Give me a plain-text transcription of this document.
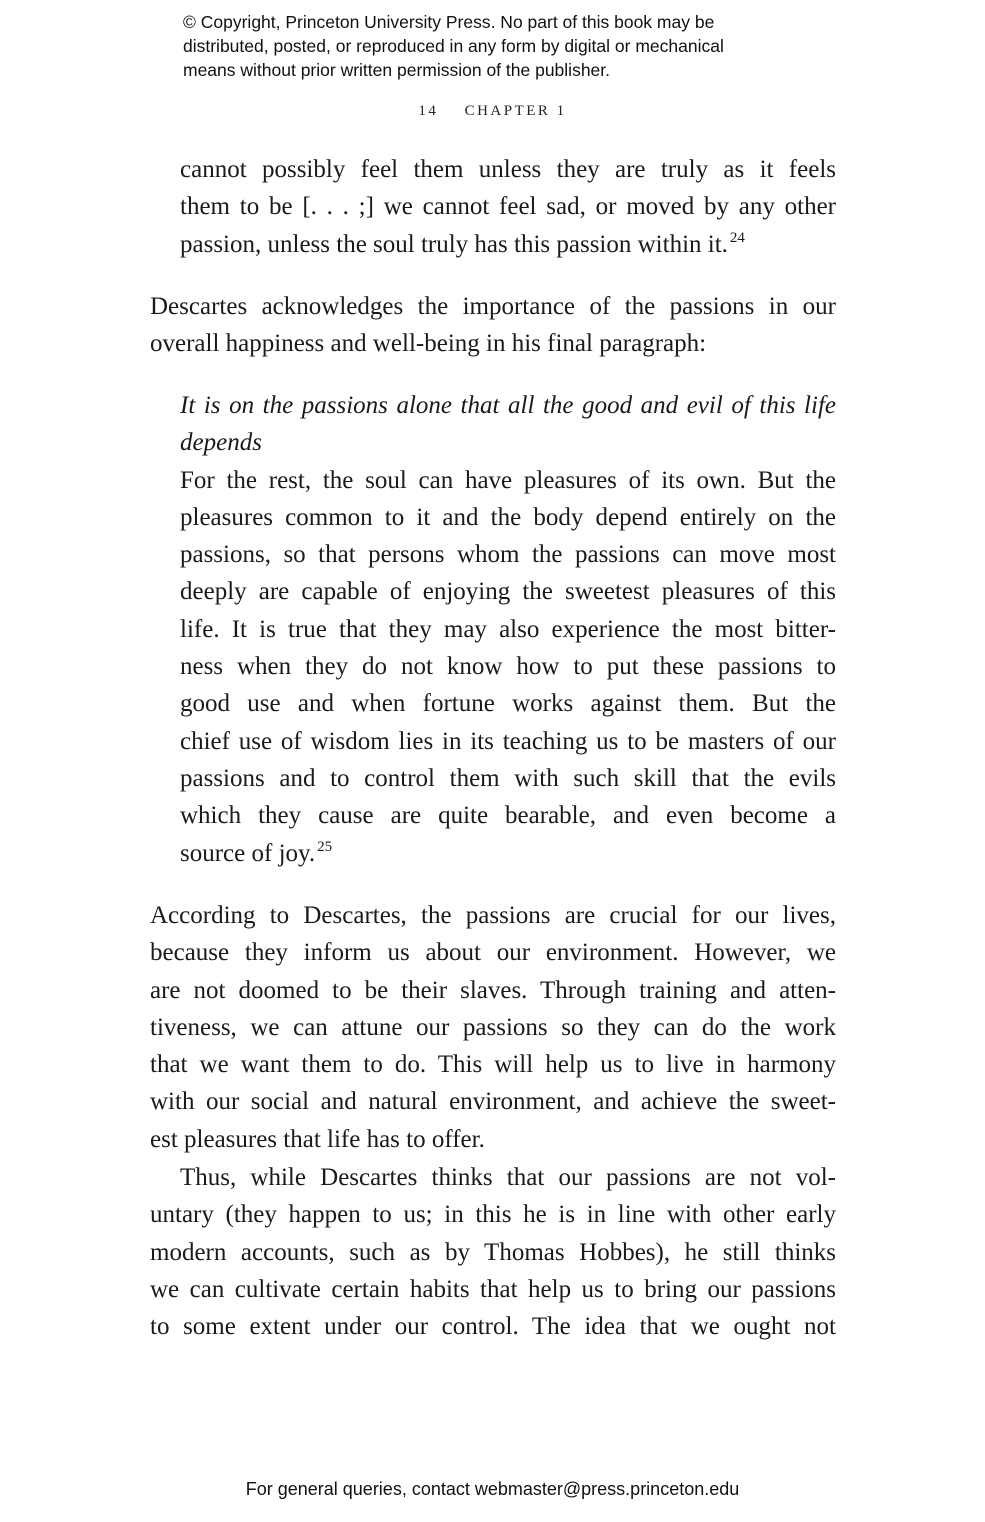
© Copyright, Princeton University Press. No part of this book may be
distributed, posted, or reproduced in any form by digital or mechanical
means without prior written permission of the publisher.
14 CHAPTER 1
cannot possibly feel them unless they are truly as it feels
them to be [. . . ;] we cannot feel sad, or moved by any other
passion, unless the soul truly has this passion within it. $^{24}$
Descartes acknowledges the importance of the passions in our
overall happiness and well-being in his final paragraph:
It is on the passions alone that all the good and evil of this life
depends
For the rest, the soul can have pleasures of its own. But the
pleasures common to it and the body depend entirely on the
passions, so that persons whom the passions can move most
deeply are capable of enjoying the sweetest pleasures of this
life. It is true that they may also experience the most bitter-
ness when they do not know how to put these passions to
good use and when fortune works against them. But the
chief use of wisdom lies in its teaching us to be masters of our
passions and to control them with such skill that the evils
which they cause are quite bearable, and even become a
source of joy. $^{25}$
According to Descartes, the passions are crucial for our lives,
because they inform us about our environment. However, we
are not doomed to be their slaves. Through training and atten-
tiveness, we can attune our passions so they can do the work
that we want them to do. This will help us to live in harmony
with our social and natural environment, and achieve the sweet-
est pleasures that life has to offer.
Thus, while Descartes thinks that our passions are not vol-
untary (they happen to us; in this he is in line with other early
modern accounts, such as by Thomas Hobbes), he still thinks
we can cultivate certain habits that help us to bring our passions
to some extent under our control. The idea that we ought not
For general queries, contact webmaster@press.princeton.edu
